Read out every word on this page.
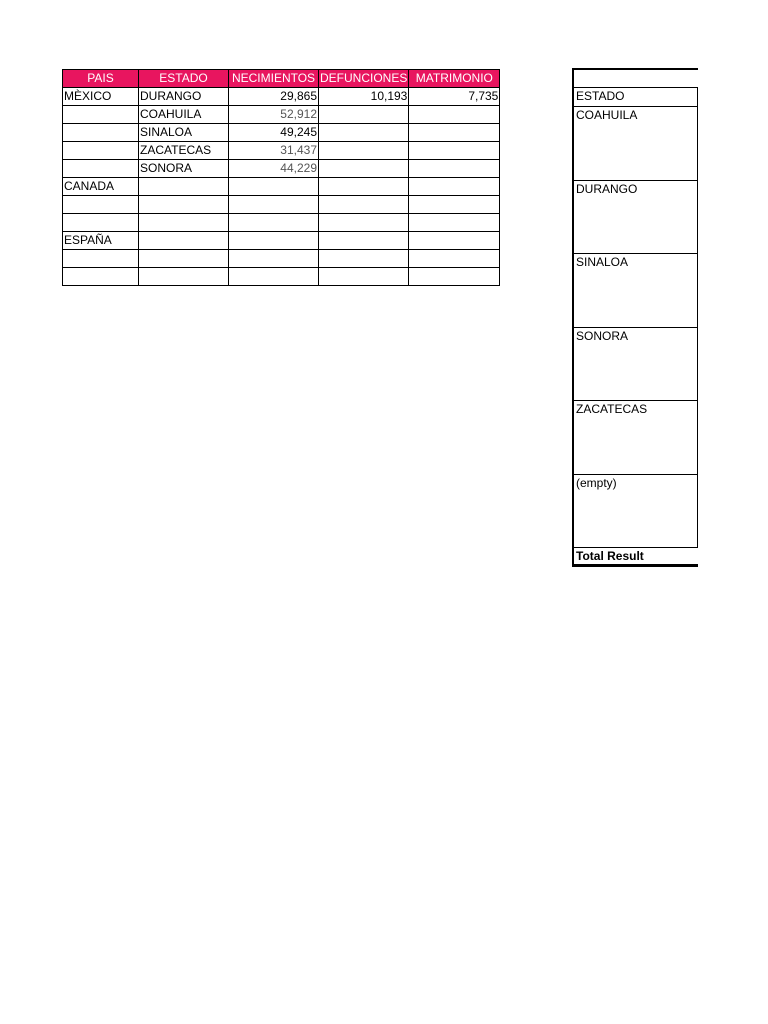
PAIS	ESTADO	NECIMIENTOS	DEFUNCIONES	MATRIMONIO
MÈXICO	DURANGO	29,865	10,193	7,735
	COAHUILA	52,912		
	SINALOA	49,245		
	ZACATECAS	31,437		
	SONORA	44,229		
CANADA				

ESPAÑA				

ESTADO
COAHUILA
DURANGO
SINALOA
SONORA
ZACATECAS
(empty)
Total Result
